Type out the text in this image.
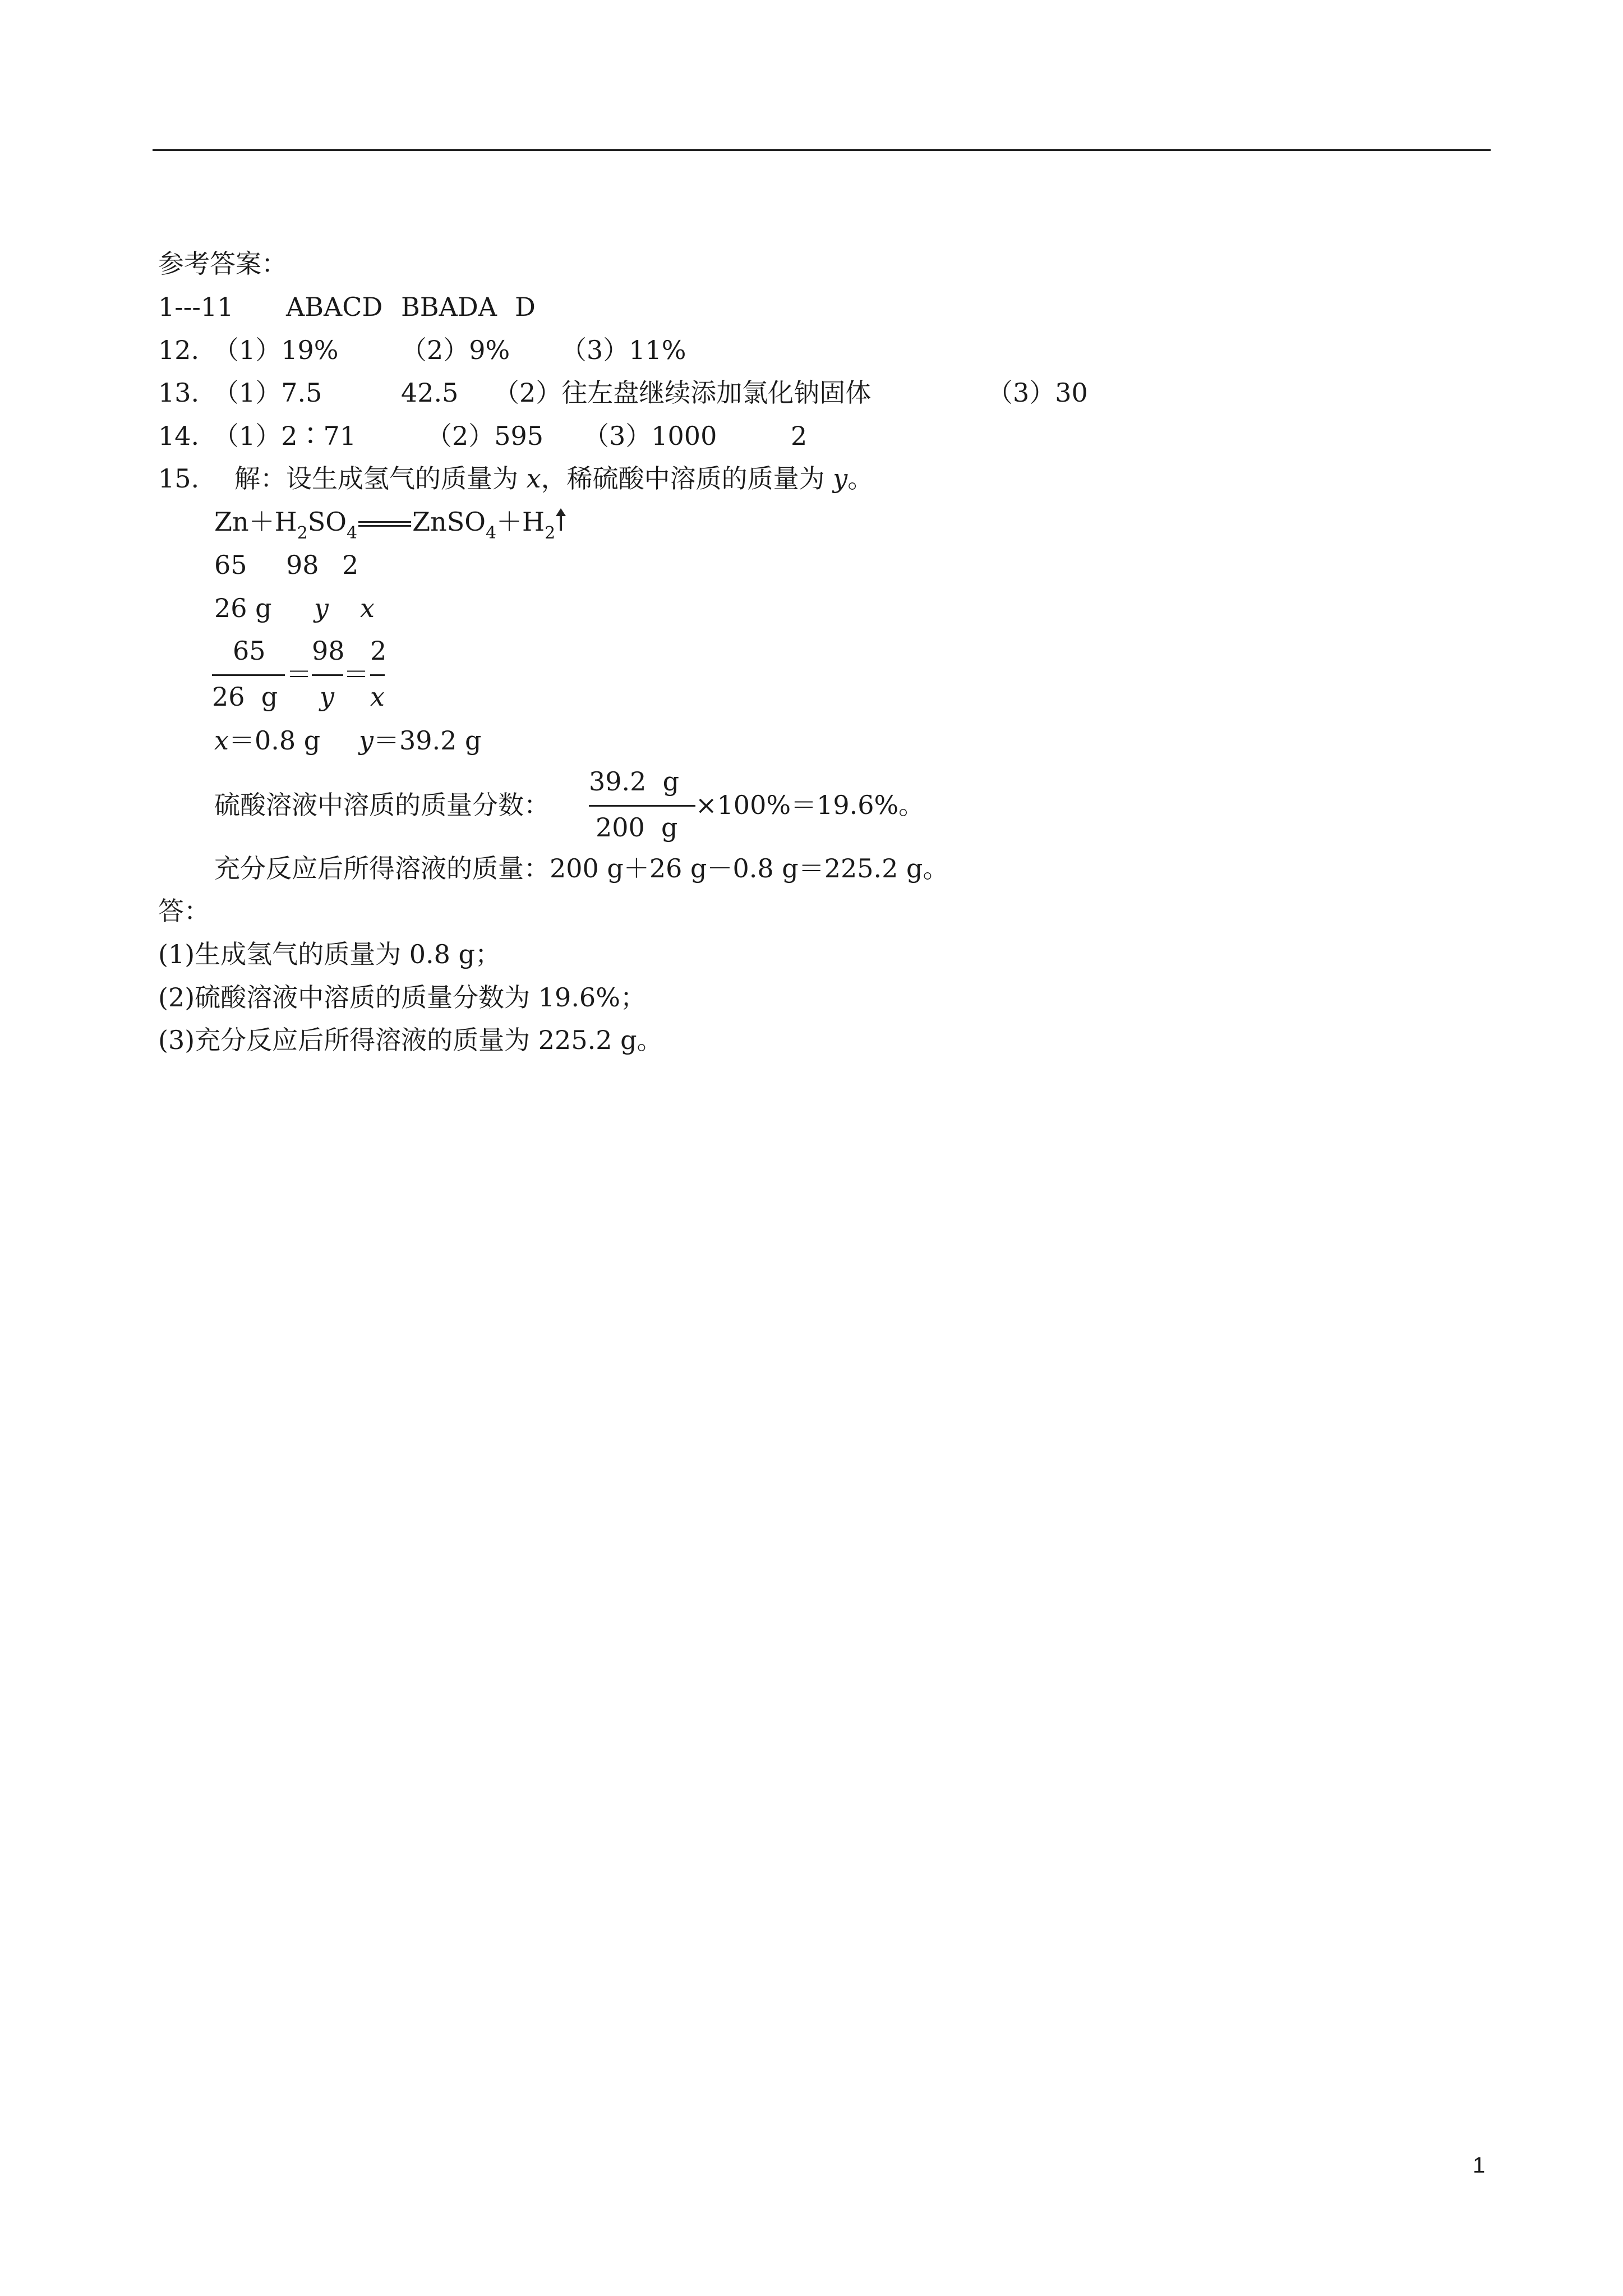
参考答案：
1---11 ABACD BBADA D
12. （1）19% （2）9% （3）11%
13. （1）7.5	42.5 （2）往左盘继续添加氯化钠固体	（3）30
14. （1）2∶71	（2）595 （3）1000	2
15. 解：设生成氢气的质量为 x，稀硫酸中溶质的质量为 y。
$Zn+H_2SO_4$ $ZnSO_4+H_2$
65 98 2
26 g y x
65
26  g
＝
98
y
＝
2
x
x＝0.8 g y＝39.2 g
硫酸溶液中溶质的质量分数：
39.2  g
200  g
×100%＝19.6%。
充分反应后所得溶液的质量：200 g＋26 g－0.8 g＝225.2 g。
答：
(1)生成氢气的质量为 0.8 g；
(2)硫酸溶液中溶质的质量分数为 19.6%；
(3)充分反应后所得溶液的质量为 225.2 g。
1
